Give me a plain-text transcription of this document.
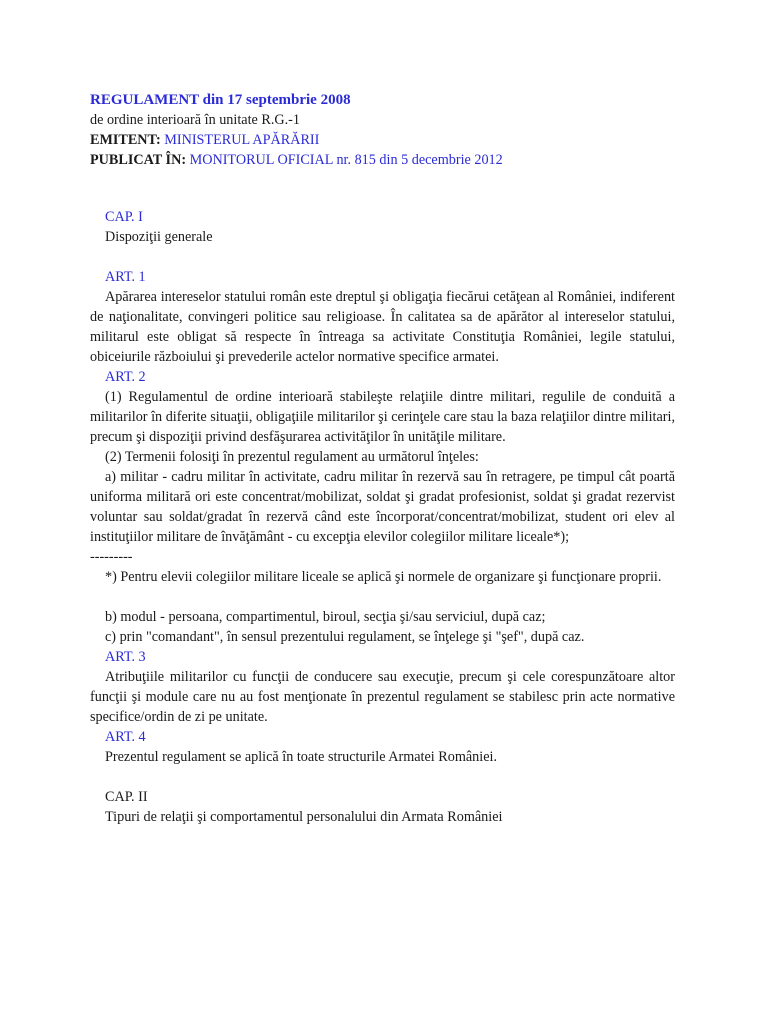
REGULAMENT din 17 septembrie 2008
de ordine interioară în unitate R.G.-1
EMITENT: MINISTERUL APĂRĂRII
PUBLICAT ÎN: MONITORUL OFICIAL nr. 815 din 5 decembrie 2012
CAP. I
Dispoziţii generale
ART. 1

Apărarea intereselor statului român este dreptul şi obligaţia fiecărui cetăţean al României, indiferent de naţionalitate, convingeri politice sau religioase. În calitatea sa de apărător al intereselor statului, militarul este obligat să respecte în întreaga sa activitate Constituţia României, legile statului, obiceiurile războiului şi prevederile actelor normative specifice armatei.

ART. 2

(1) Regulamentul de ordine interioară stabileşte relaţiile dintre militari, regulile de conduită a militarilor în diferite situaţii, obligaţiile militarilor şi cerinţele care stau la baza relaţiilor dintre militari, precum şi dispoziţii privind desfăşurarea activităţilor în unităţile militare.

(2) Termenii folosiţi în prezentul regulament au următorul înţeles:

a) militar - cadru militar în activitate, cadru militar în rezervă sau în retragere, pe timpul cât poartă uniforma militară ori este concentrat/mobilizat, soldat şi gradat profesionist, soldat şi gradat rezervist voluntar sau soldat/gradat în rezervă când este încorporat/concentrat/mobilizat, student ori elev al instituţiilor militare de învăţământ - cu excepţia elevilor colegiilor militare liceale*);

---------

*) Pentru elevii colegiilor militare liceale se aplică şi normele de organizare şi funcţionare proprii.

b) modul - persoana, compartimentul, biroul, secţia şi/sau serviciul, după caz;

c) prin "comandant", în sensul prezentului regulament, se înţelege şi "şef", după caz.

ART. 3

Atribuţiile militarilor cu funcţii de conducere sau execuţie, precum şi cele corespunzătoare altor funcţii şi module care nu au fost menţionate în prezentul regulament se stabilesc prin acte normative specifice/ordin de zi pe unitate.

ART. 4

Prezentul regulament se aplică în toate structurile Armatei României.

CAP. II
Tipuri de relaţii şi comportamentul personalului din Armata României
